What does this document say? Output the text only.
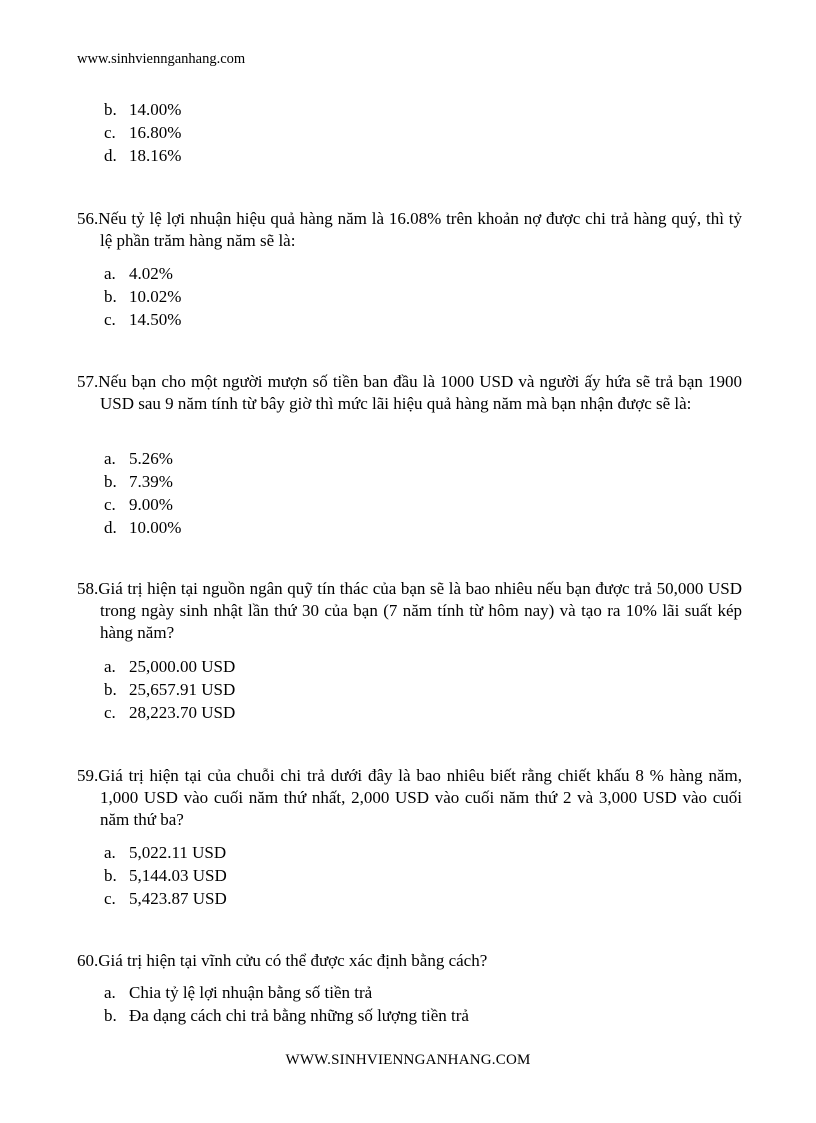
www.sinhviennganhang.com
b. 14.00%
c. 16.80%
d. 18.16%
56.Nếu tỷ lệ lợi nhuận hiệu quả hàng năm là 16.08% trên khoản nợ được chi trả hàng quý, thì tỷ lệ phần trăm hàng năm sẽ là:
a. 4.02%
b. 10.02%
c. 14.50%
57.Nếu bạn cho một người mượn số tiền ban đầu là 1000 USD và người ấy hứa sẽ trả bạn 1900 USD sau 9 năm tính từ bây giờ thì mức lãi hiệu quả hàng năm mà bạn nhận được sẽ là:
a. 5.26%
b. 7.39%
c. 9.00%
d. 10.00%
58.Giá trị hiện tại nguồn ngân quỹ tín thác của bạn sẽ là bao nhiêu nếu bạn được trả 50,000 USD trong ngày sinh nhật lần thứ 30 của bạn (7 năm tính từ hôm nay) và tạo ra 10% lãi suất kép hàng năm?
a. 25,000.00 USD
b. 25,657.91 USD
c. 28,223.70 USD
59.Giá trị hiện tại của chuỗi chi trả dưới đây là bao nhiêu biết rằng chiết khấu 8 % hàng năm, 1,000 USD vào cuối năm thứ nhất, 2,000 USD vào cuối năm thứ 2 và 3,000 USD vào cuối năm thứ ba?
a. 5,022.11 USD
b. 5,144.03 USD
c. 5,423.87 USD
60.Giá trị hiện tại vĩnh cửu có thể được xác định bằng cách?
a. Chia tỷ lệ lợi nhuận bằng số tiền trả
b. Đa dạng cách chi trả bằng những số lượng tiền trả
WWW.SINHVIENNGANHANG.COM
